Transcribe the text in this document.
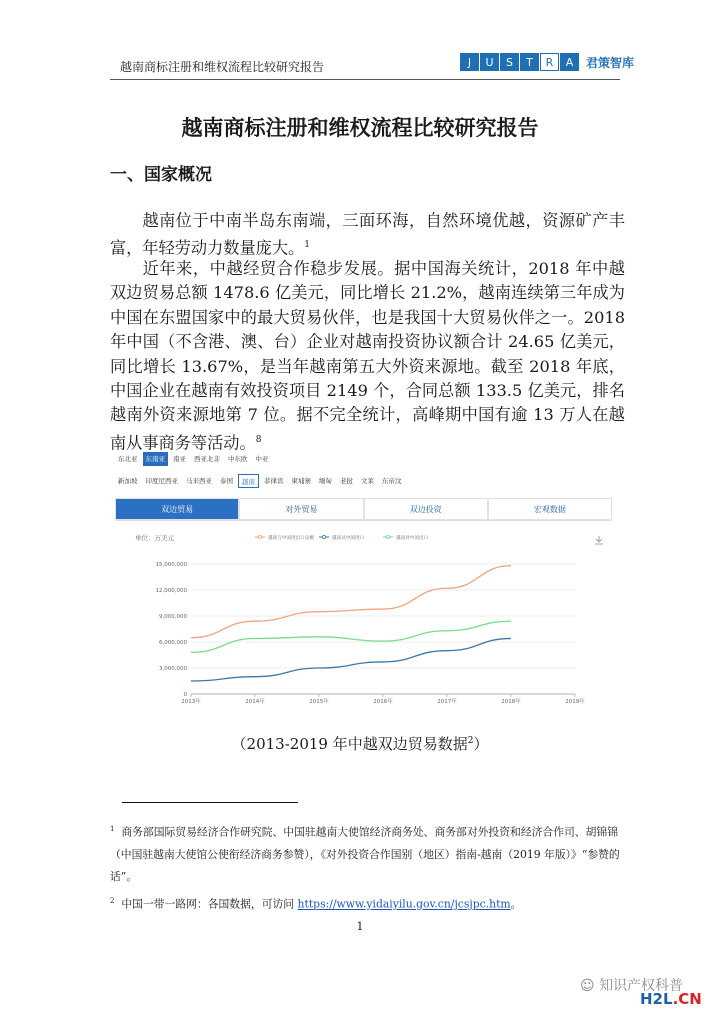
越南商标注册和维权流程比较研究报告	J	U	S	T	R	A	君策智库
越南商标注册和维权流程比较研究报告
一、国家概况
越南位于中南半岛东南端，三面环海，自然环境优越，资源矿产丰富，年轻劳动力数量庞大。$^1$
近年来，中越经贸合作稳步发展。据中国海关统计，2018 年中越双边贸易总额 1478.6 亿美元，同比增长 21.2%，越南连续第三年成为中国在东盟国家中的最大贸易伙伴，也是我国十大贸易伙伴之一。2018 年中国（不含港、澳、台）企业对越南投资协议额合计 24.65 亿美元，同比增长 13.67%，是当年越南第五大外资来源地。截至 2018 年底，中国企业在越南有效投资项目 2149 个，合同总额 133.5 亿美元，排名越南外资来源地第 7 位。据不完全统计，高峰期中国有逾 13 万人在越南从事商务等活动。$^8$
东北亚	东南亚	南亚	西亚北非	中东欧	中亚
新加坡	印度尼西亚	马来西亚	泰国	越南	菲律宾	柬埔寨	缅甸	老挝	文莱	东帝汶
双边贸易	对外贸易	双边投资	宏观数据
单位：万美元	越南与中国进出口总额	越南从中国进口	越南对中国出口
0
3,000,000
6,000,000
9,000,000
12,000,000
15,000,000
2013年	2014年	2015年	2016年	2017年	2018年	2019年
（2013-2019 年中越双边贸易数据$^2$）
$^1$ 商务部国际贸易经济合作研究院、中国驻越南大使馆经济商务处、商务部对外投资和经济合作司、胡锦锦（中国驻越南大使馆公使衔经济商务参赞），《对外投资合作国别（地区）指南-越南（2019 年版）》“参赞的话”。
$^2$ 中国一带一路网：各国数据，可访问 https://www.yidaiyilu.gov.cn/jcsjpc.htm。
1
☺ 知识产权科普
H2L.CN
